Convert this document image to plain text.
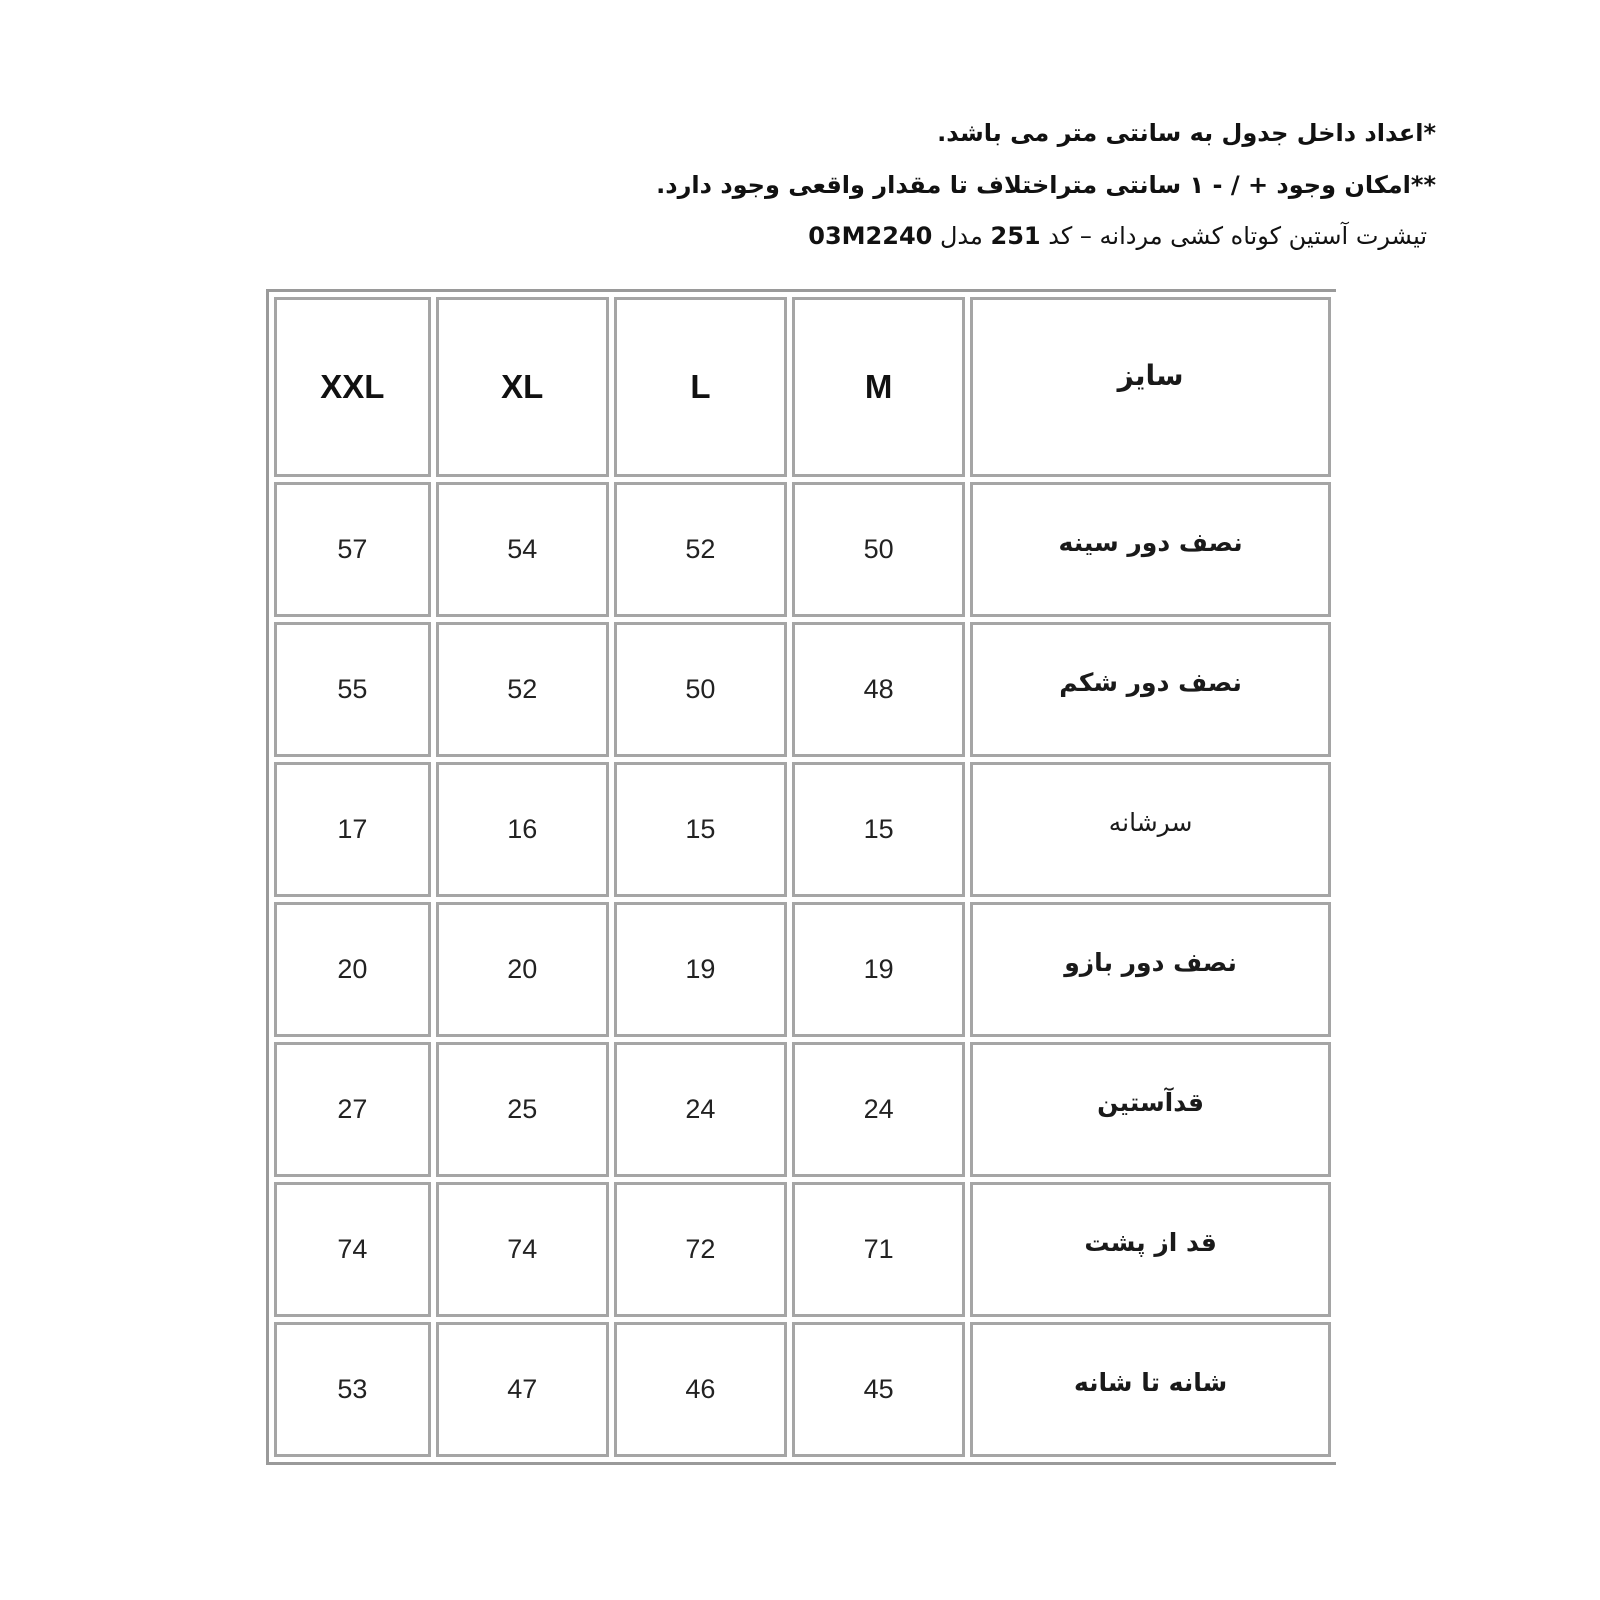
*اعداد داخل جدول به سانتی متر می باشد.
**امکان وجود + / - ۱ سانتی متراختلاف تا مقدار واقعی وجود دارد.
تیشرت آستین کوتاه کشی مردانه – کد 251 مدل 03M2240
XXL	XL	L	M	سایز
57	54	52	50	نصف دور سینه
55	52	50	48	نصف دور شکم
17	16	15	15	سرشانه
20	20	19	19	نصف دور بازو
27	25	24	24	قدآستین
74	74	72	71	قد از پشت
53	47	46	45	شانه تا شانه
